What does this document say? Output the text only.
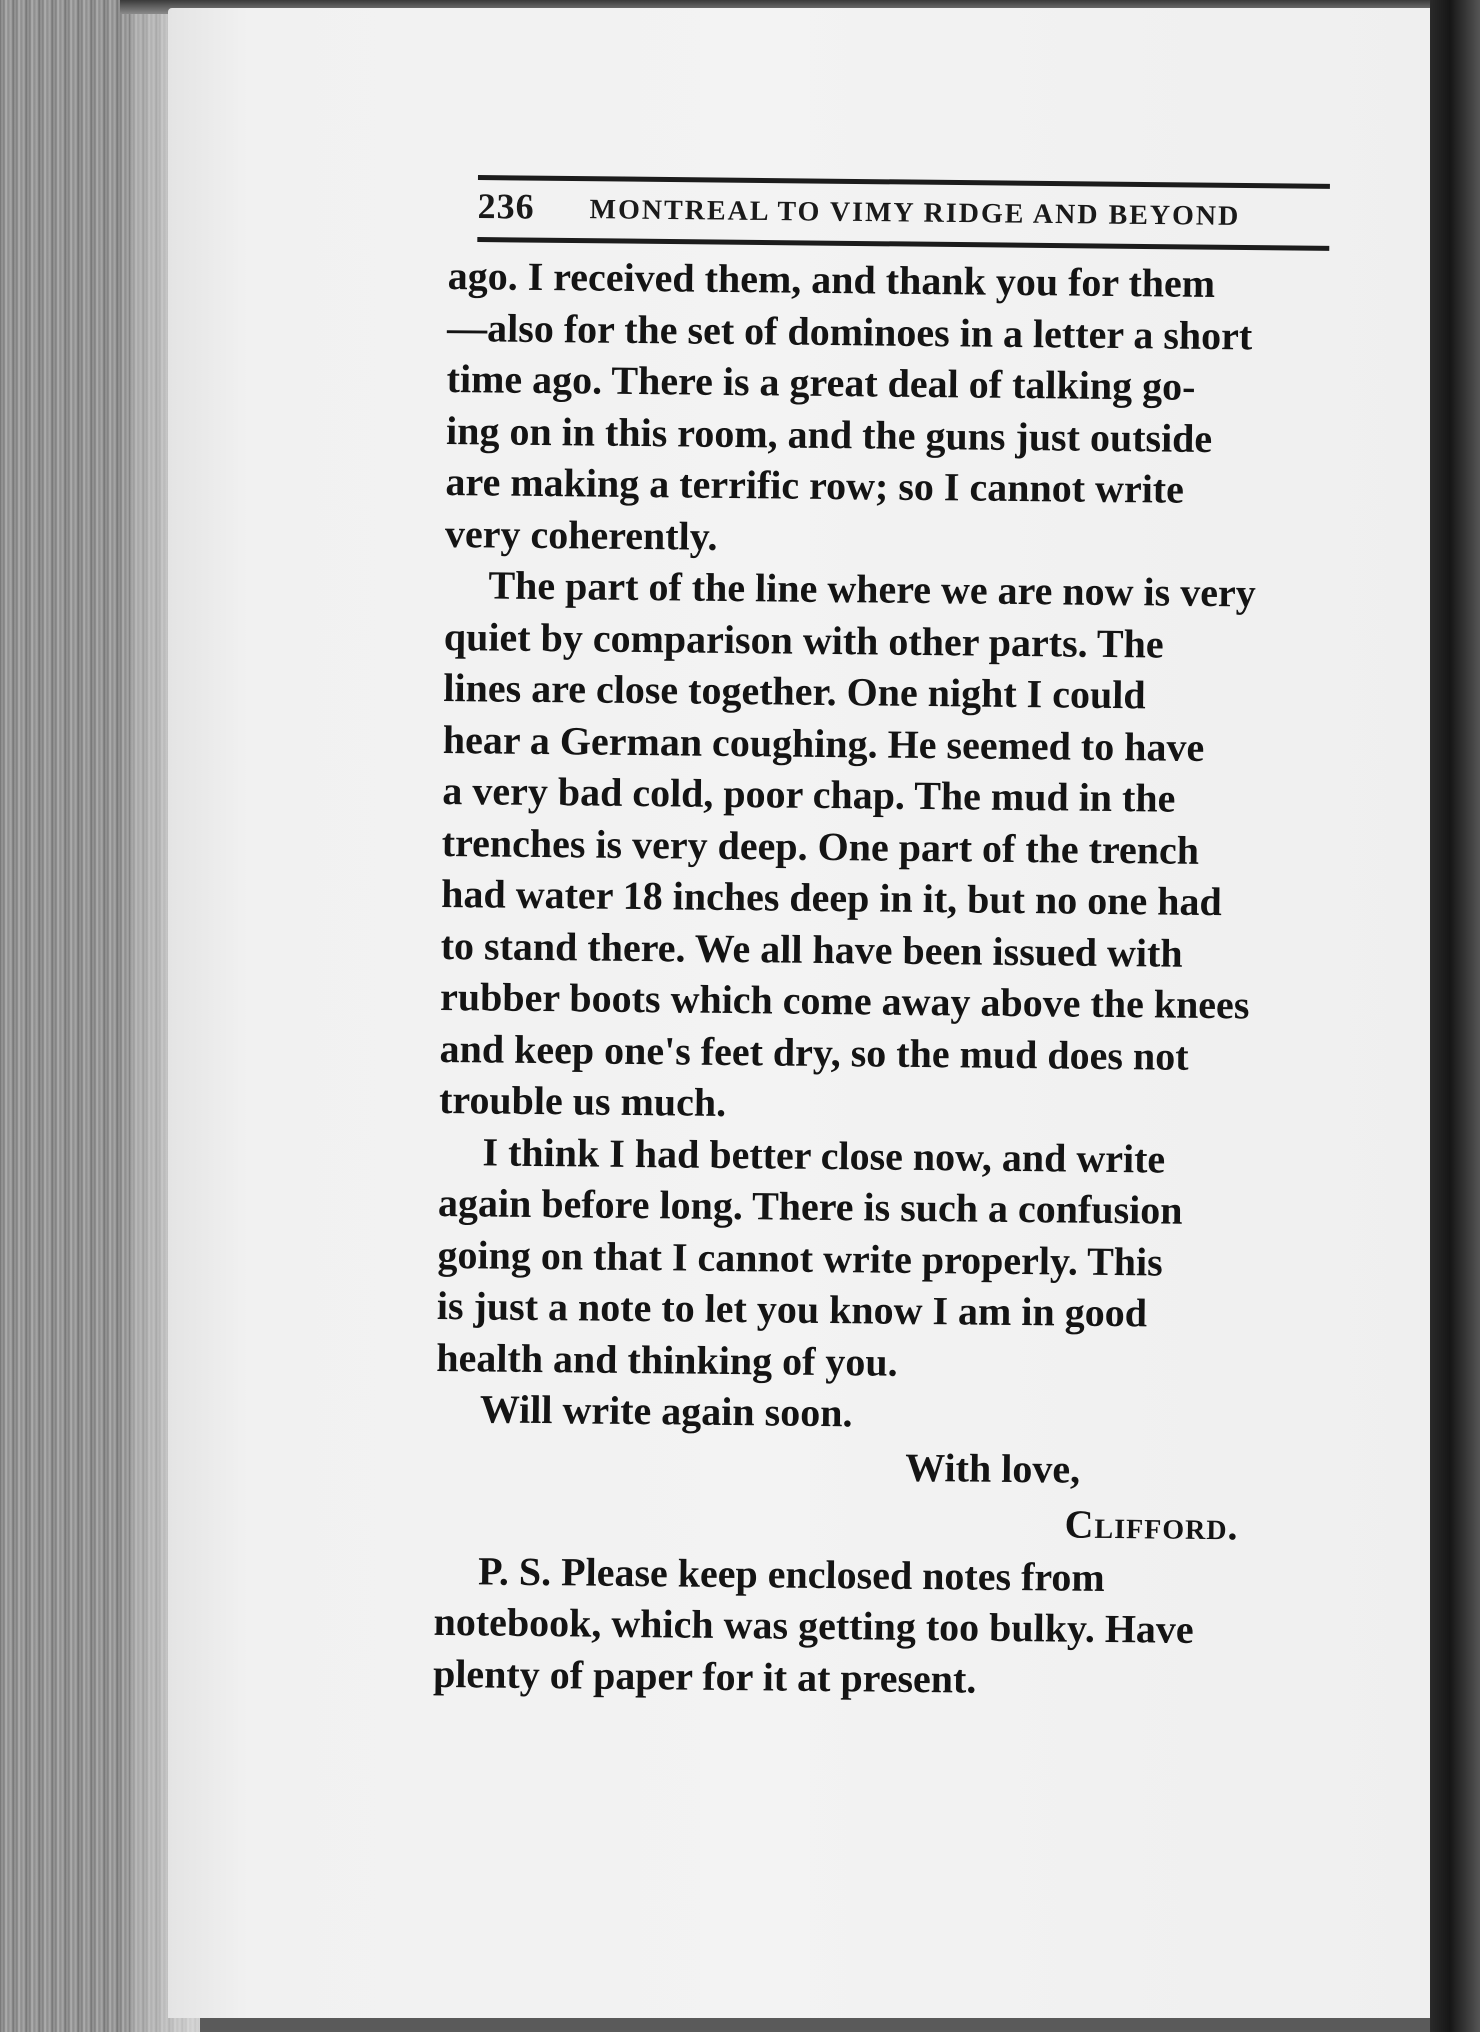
236 MONTREAL TO VIMY RIDGE AND BEYOND
ago. I received them, and thank you for them
—also for the set of dominoes in a letter a short
time ago. There is a great deal of talking go-
ing on in this room, and the guns just outside
are making a terrific row; so I cannot write
very coherently.
The part of the line where we are now is very
quiet by comparison with other parts. The
lines are close together. One night I could
hear a German coughing. He seemed to have
a very bad cold, poor chap. The mud in the
trenches is very deep. One part of the trench
had water 18 inches deep in it, but no one had
to stand there. We all have been issued with
rubber boots which come away above the knees
and keep one's feet dry, so the mud does not
trouble us much.
I think I had better close now, and write
again before long. There is such a confusion
going on that I cannot write properly. This
is just a note to let you know I am in good
health and thinking of you.
Will write again soon.
With love,
Clifford.
P. S. Please keep enclosed notes from
notebook, which was getting too bulky. Have
plenty of paper for it at present.
